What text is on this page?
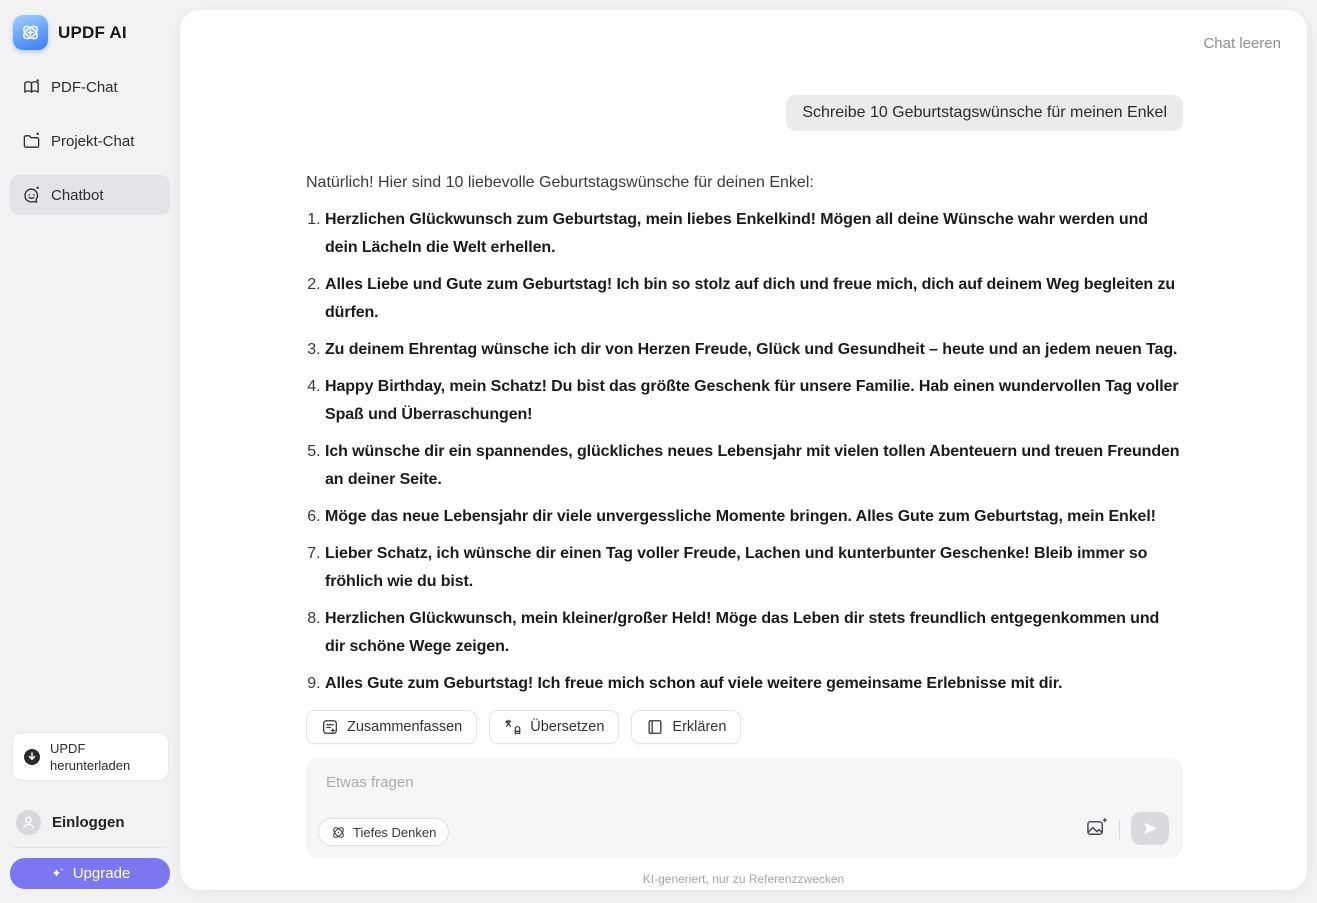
UPDF AI
PDF-Chat
Projekt-Chat
Chatbot
UPDF herunterladen
Einloggen
Upgrade
Chat leeren
Schreibe 10 Geburtstagswünsche für meinen Enkel
Natürlich! Hier sind 10 liebevolle Geburtstagswünsche für deinen Enkel:
1. Herzlichen Glückwunsch zum Geburtstag, mein liebes Enkelkind! Mögen all deine Wünsche wahr werden und dein Lächeln die Welt erhellen.
2. Alles Liebe und Gute zum Geburtstag! Ich bin so stolz auf dich und freue mich, dich auf deinem Weg begleiten zu dürfen.
3. Zu deinem Ehrentag wünsche ich dir von Herzen Freude, Glück und Gesundheit – heute und an jedem neuen Tag.
4. Happy Birthday, mein Schatz! Du bist das größte Geschenk für unsere Familie. Hab einen wundervollen Tag voller Spaß und Überraschungen!
5. Ich wünsche dir ein spannendes, glückliches neues Lebensjahr mit vielen tollen Abenteuern und treuen Freunden an deiner Seite.
6. Möge das neue Lebensjahr dir viele unvergessliche Momente bringen. Alles Gute zum Geburtstag, mein Enkel!
7. Lieber Schatz, ich wünsche dir einen Tag voller Freude, Lachen und kunterbunter Geschenke! Bleib immer so fröhlich wie du bist.
8. Herzlichen Glückwunsch, mein kleiner/großer Held! Möge das Leben dir stets freundlich entgegenkommen und dir schöne Wege zeigen.
9. Alles Gute zum Geburtstag! Ich freue mich schon auf viele weitere gemeinsame Erlebnisse mit dir.
Zusammenfassen	Übersetzen	Erklären
Etwas fragen
Tiefes Denken
KI-generiert, nur zu Referenzzwecken
